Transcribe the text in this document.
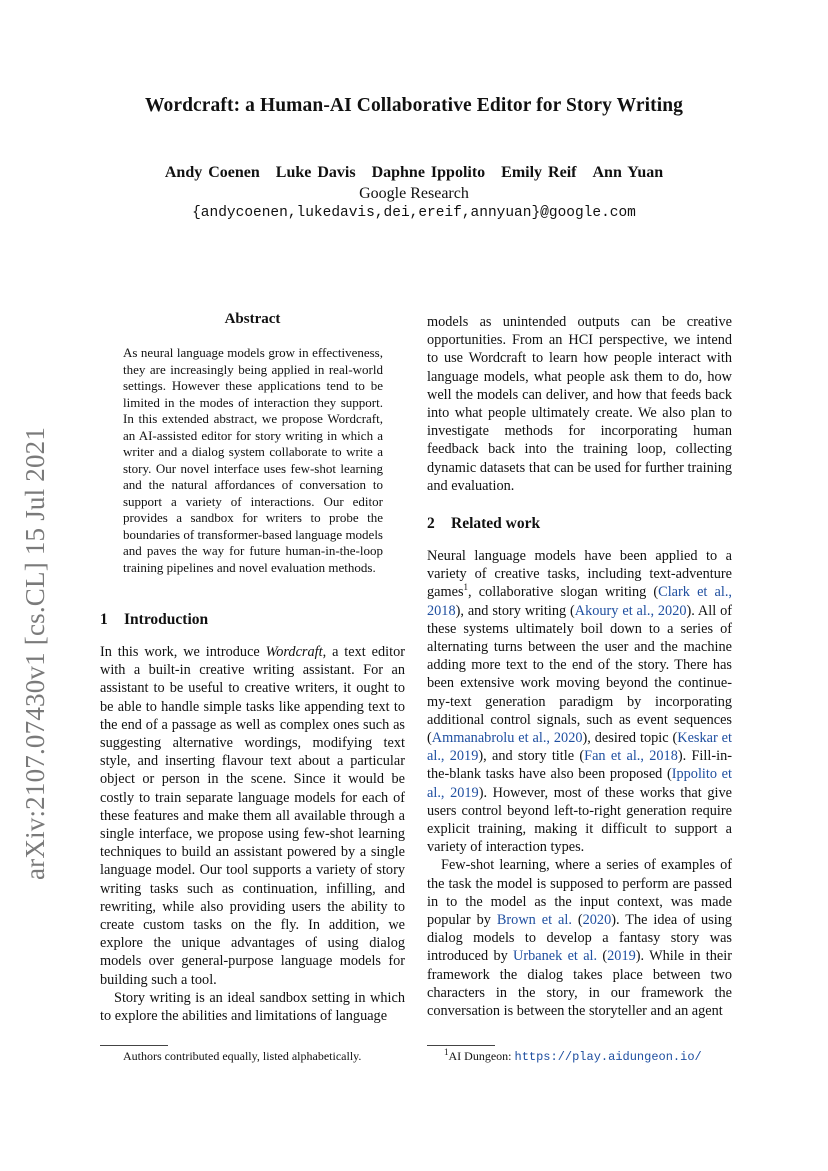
Wordcraft: a Human-AI Collaborative Editor for Story Writing
Andy Coenen Luke Davis Daphne Ippolito Emily Reif Ann Yuan
Google Research
{andycoenen,lukedavis,dei,ereif,annyuan}@google.com
arXiv:2107.07430v1 [cs.CL] 15 Jul 2021
Abstract
As neural language models grow in effectiveness, they are increasingly being applied in real-world settings. However these applications tend to be limited in the modes of interaction they support. In this extended abstract, we propose Wordcraft, an AI-assisted editor for story writing in which a writer and a dialog system collaborate to write a story. Our novel interface uses few-shot learning and the natural affordances of conversation to support a variety of interactions. Our editor provides a sandbox for writers to probe the boundaries of transformer-based language models and paves the way for future human-in-the-loop training pipelines and novel evaluation methods.
1 Introduction

In this work, we introduce Wordcraft, a text editor with a built-in creative writing assistant. For an assistant to be useful to creative writers, it ought to be able to handle simple tasks like appending text to the end of a passage as well as complex ones such as suggesting alternative wordings, modifying text style, and inserting flavour text about a particular object or person in the scene. Since it would be costly to train separate language models for each of these features and make them all available through a single interface, we propose using few-shot learning techniques to build an assistant powered by a single language model. Our tool supports a variety of story writing tasks such as continuation, infilling, and rewriting, while also providing users the ability to create custom tasks on the fly. In addition, we explore the unique advantages of using dialog models over general-purpose language models for building such a tool.

Story writing is an ideal sandbox setting in which to explore the abilities and limitations of language

models as unintended outputs can be creative opportunities. From an HCI perspective, we intend to use Wordcraft to learn how people interact with language models, what people ask them to do, how well the models can deliver, and how that feeds back into what people ultimately create. We also plan to investigate methods for incorporating human feedback back into the training loop, collecting dynamic datasets that can be used for further training and evaluation.

2 Related work

Neural language models have been applied to a variety of creative tasks, including text-adventure games$^1$, collaborative slogan writing (Clark et al., 2018), and story writing (Akoury et al., 2020). All of these systems ultimately boil down to a series of alternating turns between the user and the machine adding more text to the end of the story. There has been extensive work moving beyond the continue-my-text generation paradigm by incorporating additional control signals, such as event sequences (Ammanabrolu et al., 2020), desired topic (Keskar et al., 2019), and story title (Fan et al., 2018). Fill-in-the-blank tasks have also been proposed (Ippolito et al., 2019). However, most of these works that give users control beyond left-to-right generation require explicit training, making it difficult to support a variety of interaction types.

Few-shot learning, where a series of examples of the task the model is supposed to perform are passed in to the model as the input context, was made popular by Brown et al. (2020). The idea of using dialog models to develop a fantasy story was introduced by Urbanek et al. (2019). While in their framework the dialog takes place between two characters in the story, in our framework the conversation is between the storyteller and an agent

Authors contributed equally, listed alphabetically.	$^1$AI Dungeon: https://play.aidungeon.io/
